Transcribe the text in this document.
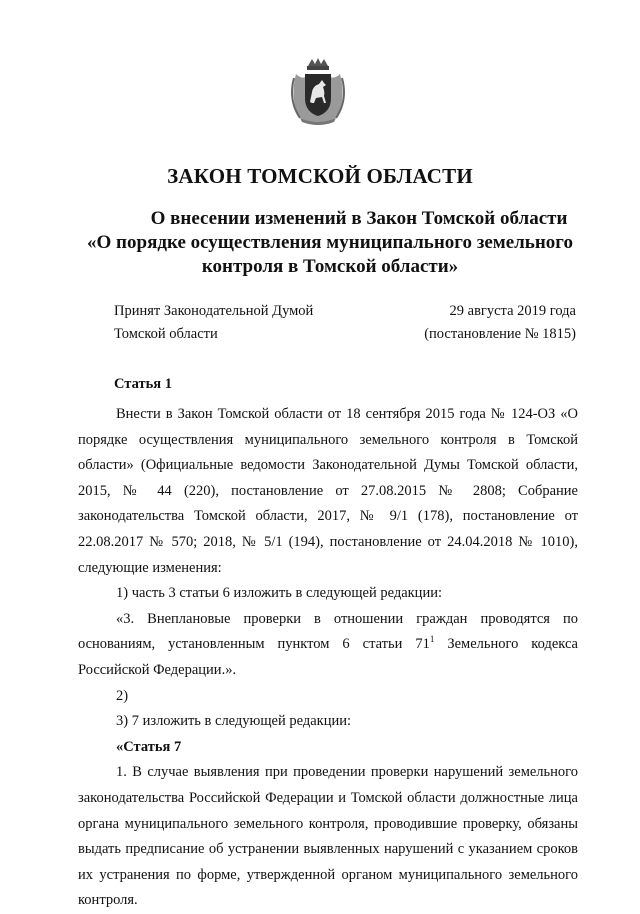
ЗАКОН ТОМСКОЙ ОБЛАСТИ
О внесении изменений в Закон Томской области
«О порядке осуществления муниципального земельного
контроля в Томской области»
Принят Законодательной Думой
Томской области
29 августа 2019 года
(постановление № 1815)
Статья 1

Внести в Закон Томской области от 18 сентября 2015 года № 124-ОЗ «О порядке осуществления муниципального земельного контроля в Томской области» (Официальные ведомости Законодательной Думы Томской области, 2015, № 44 (220), постановление от 27.08.2015 № 2808; Собрание законодательства Томской области, 2017, № 9/1 (178), постановление от 22.08.2017 № 570; 2018, № 5/1 (194), постановление от 24.04.2018 № 1010), следующие изменения:

1) часть 3 статьи 6 изложить в следующей редакции:

«3. Внеплановые проверки в отношении граждан проводятся по основаниям, установленным пунктом 6 статьи $71^1$ Земельного кодекса Российской Федерации.».

2)

3) 7 изложить в следующей редакции:

«Статья 7

1. В случае выявления при проведении проверки нарушений земельного законодательства Российской Федерации и Томской области должностные лица органа муниципального земельного контроля, проводившие проверку, обязаны выдать предписание об устранении выявленных нарушений с указанием сроков их устранения по форме, утвержденной органом муниципального земельного контроля.
